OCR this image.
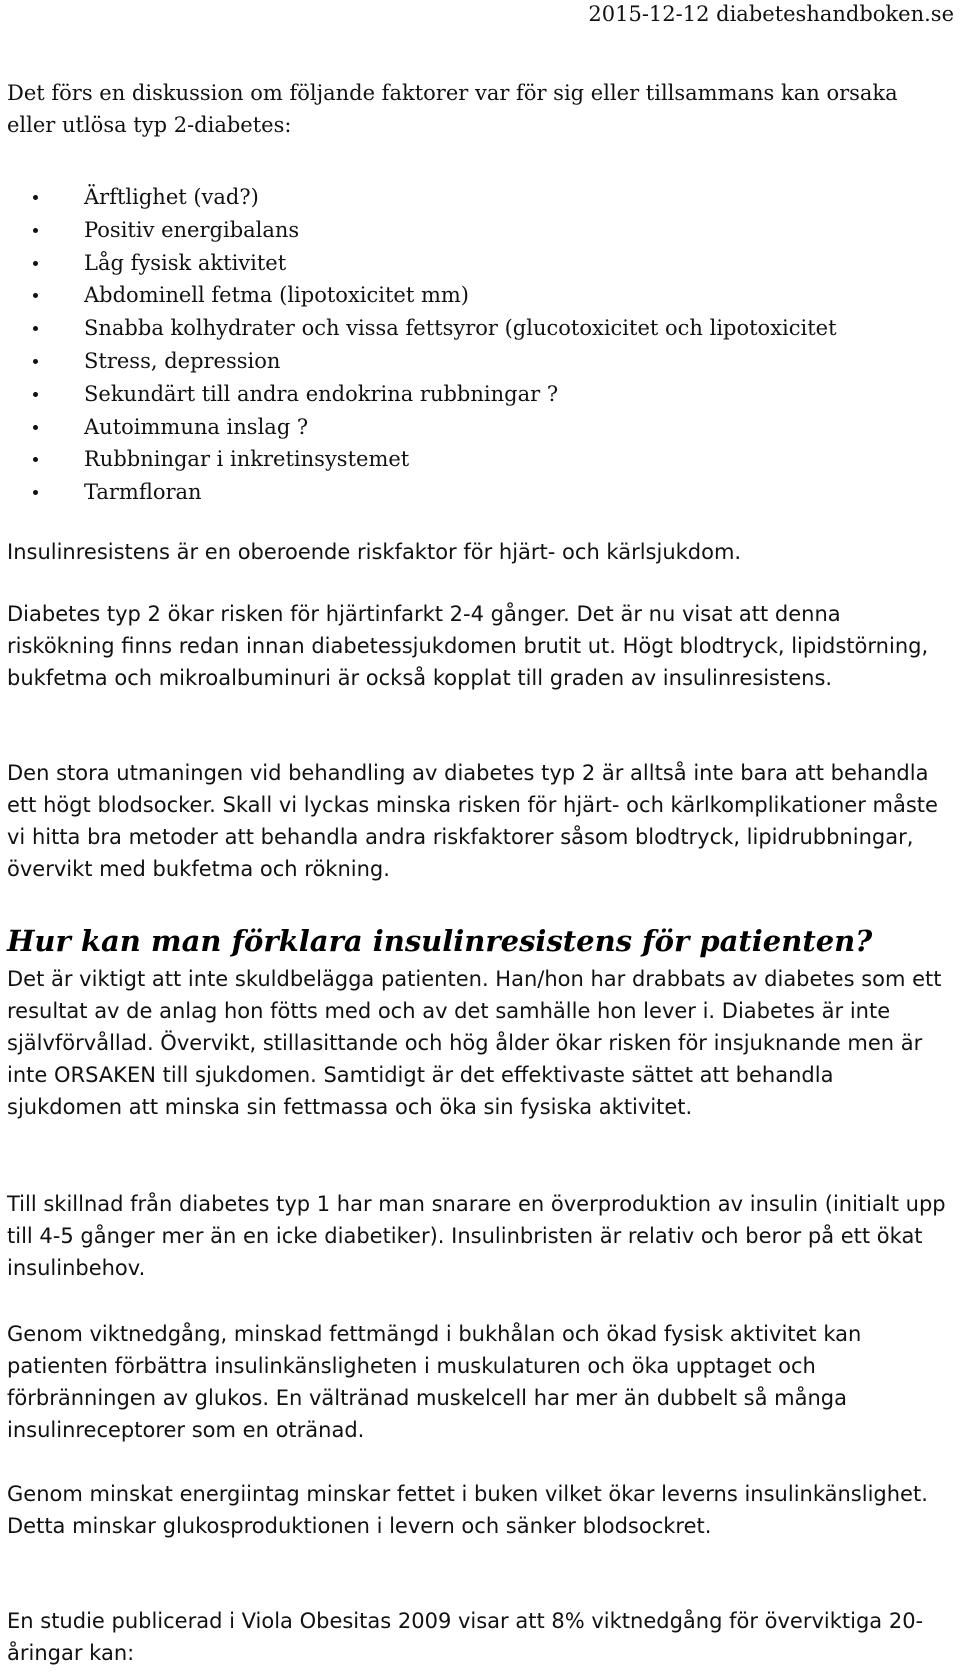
2015-12-12 diabeteshandboken.se

Det förs en diskussion om följande faktorer var för sig eller tillsammans kan orsaka eller utlösa typ 2-diabetes:

Ärftlighet (vad?)
Positiv energibalans
Låg fysisk aktivitet
Abdominell fetma (lipotoxicitet mm)
Snabba kolhydrater och vissa fettsyror (glucotoxicitet och lipotoxicitet
Stress, depression
Sekundärt till andra endokrina rubbningar ?
Autoimmuna inslag ?
Rubbningar i inkretinsystemet
Tarmfloran

Insulinresistens är en oberoende riskfaktor för hjärt- och kärlsjukdom.

Diabetes typ 2 ökar risken för hjärtinfarkt 2-4 gånger. Det är nu visat att denna riskökning finns redan innan diabetessjukdomen brutit ut. Högt blodtryck, lipidstörning, bukfetma och mikroalbuminuri är också kopplat till graden av insulinresistens.

Den stora utmaningen vid behandling av diabetes typ 2 är alltså inte bara att behandla ett högt blodsocker. Skall vi lyckas minska risken för hjärt- och kärlkomplikationer måste vi hitta bra metoder att behandla andra riskfaktorer såsom blodtryck, lipidrubbningar, övervikt med bukfetma och rökning.

Hur kan man förklara insulinresistens för patienten?

Det är viktigt att inte skuldbelägga patienten. Han/hon har drabbats av diabetes som ett resultat av de anlag hon fötts med och av det samhälle hon lever i. Diabetes är inte självförvållad. Övervikt, stillasittande och hög ålder ökar risken för insjuknande men är inte ORSAKEN till sjukdomen. Samtidigt är det effektivaste sättet att behandla sjukdomen att minska sin fettmassa och öka sin fysiska aktivitet.

Till skillnad från diabetes typ 1 har man snarare en överproduktion av insulin (initialt upp till 4-5 gånger mer än en icke diabetiker). Insulinbristen är relativ och beror på ett ökat insulinbehov.

Genom viktnedgång, minskad fettmängd i bukhålan och ökad fysisk aktivitet kan patienten förbättra insulinkänsligheten i muskulaturen och öka upptaget och förbränningen av glukos. En vältränad muskelcell har mer än dubbelt så många insulinreceptorer som en otränad.

Genom minskat energiintag minskar fettet i buken vilket ökar leverns insulinkänslighet. Detta minskar glukosproduktionen i levern och sänker blodsockret.

En studie publicerad i Viola Obesitas 2009 visar att 8% viktnedgång för överviktiga 20-åringar kan:
